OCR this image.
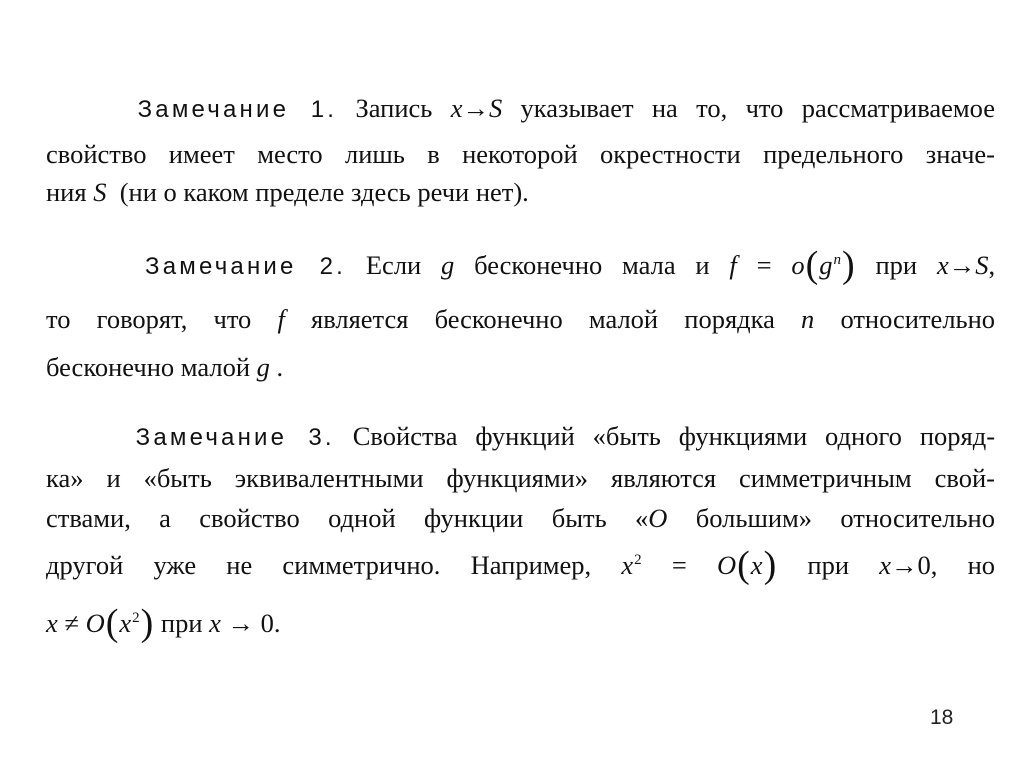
Замечание 1. Запись x→S указывает на то, что рассматриваемое
свойство имеет место лишь в некоторой окрестности предельного значе-
ния S (ни о каком пределе здесь речи нет).
Замечание 2. Если g бесконечно мала и $f = o(g^n)$ при x→S,
то говорят, что f является бесконечно малой порядка n относительно
бесконечно малой g .
Замечание 3. Свойства функций «быть функциями одного поряд-
ка» и «быть эквивалентными функциями» являются симметричным свой-
ствами, а свойство одной функции быть «O большим» относительно
другой уже не симметрично. Например, $x^2 = O(x)$ при x→0, но
$x \ne O(x^2)$ при x → 0.
18
